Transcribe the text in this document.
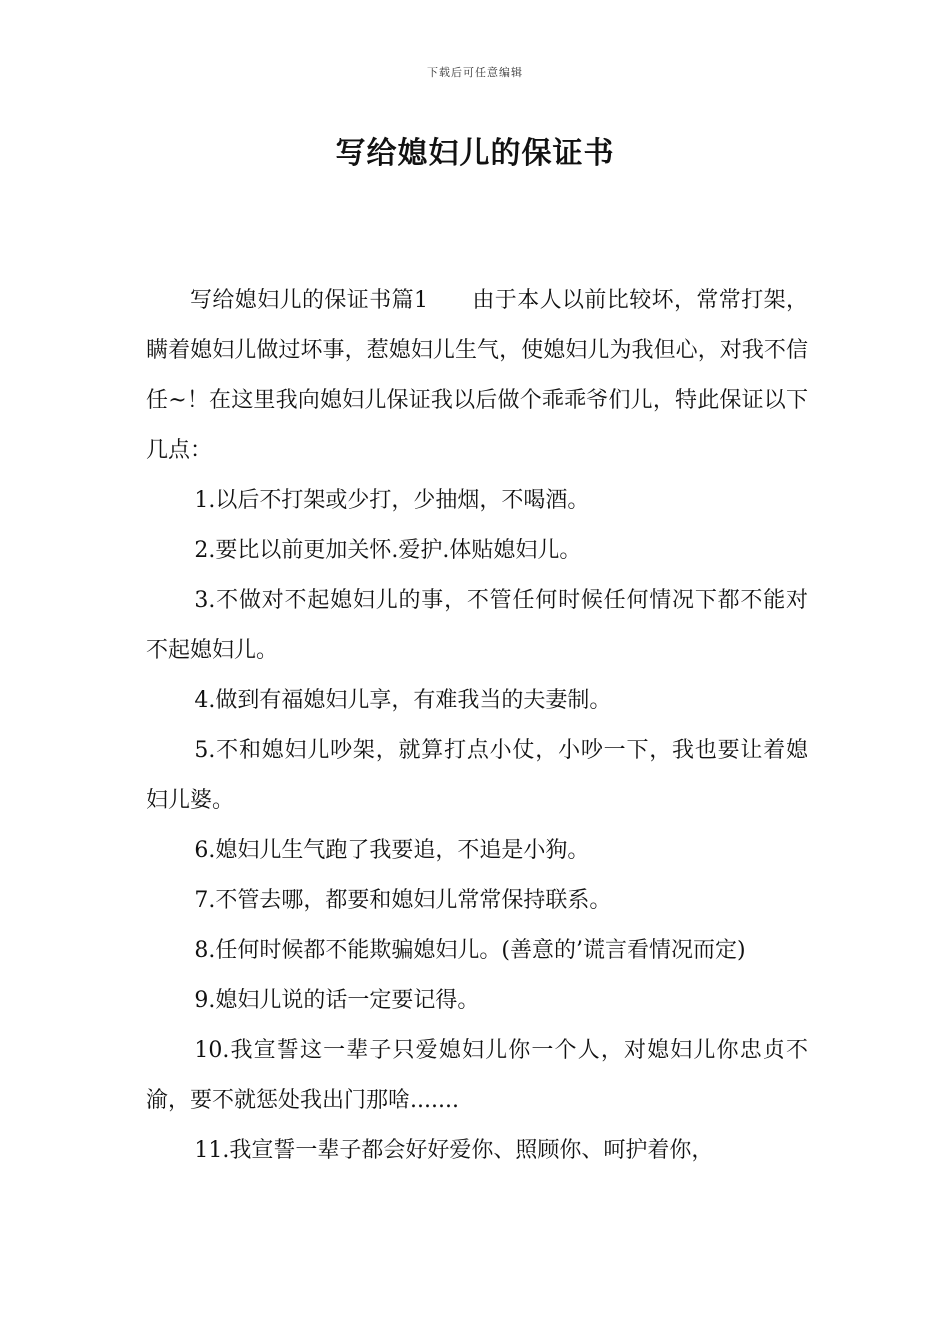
下载后可任意编辑
写给媳妇儿的保证书

写给媳妇儿的保证书篇1 由于本人以前比较坏，常常打架，瞒着媳妇儿做过坏事，惹媳妇儿生气，使媳妇儿为我但心，对我不信任~！在这里我向媳妇儿保证我以后做个乖乖爷们儿，特此保证以下几点：

1.以后不打架或少打，少抽烟，不喝酒。

2.要比以前更加关怀.爱护.体贴媳妇儿。

3.不做对不起媳妇儿的事，不管任何时候任何情况下都不能对不起媳妇儿。

4.做到有福媳妇儿享，有难我当的夫妻制。

5.不和媳妇儿吵架，就算打点小仗，小吵一下，我也要让着媳妇儿婆。

6.媳妇儿生气跑了我要追，不追是小狗。

7.不管去哪，都要和媳妇儿常常保持联系。

8.任何时候都不能欺骗媳妇儿。(善意的’谎言看情况而定)

9.媳妇儿说的话一定要记得。

10.我宣誓这一辈子只爱媳妇儿你一个人，对媳妇儿你忠贞不渝，要不就惩处我出门那啥.......

11.我宣誓一辈子都会好好爱你、照顾你、呵护着你，
